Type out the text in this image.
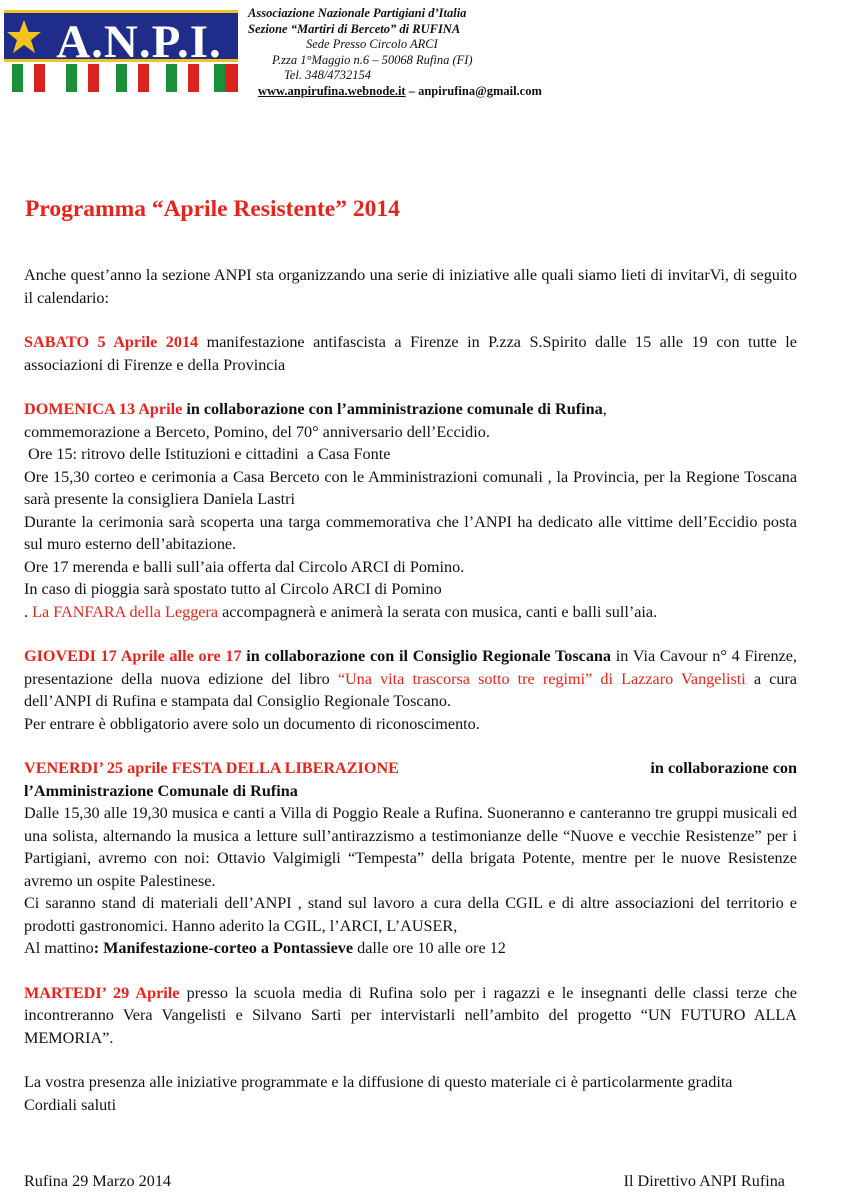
A.N.P.I.
Associazione Nazionale Partigiani d’Italia
Sezione “Martiri di Berceto” di RUFINA
Sede Presso Circolo ARCI
P.zza 1°Maggio n.6 – 50068 Rufina (FI)
Tel. 348/4732154
www.anpirufina.webnode.it – anpirufina@gmail.com
Programma “Aprile Resistente” 2014

Anche quest’anno la sezione ANPI sta organizzando una serie di iniziative alle quali siamo lieti di invitarVi, di seguito il calendario:

SABATO 5 Aprile 2014 manifestazione antifascista a Firenze in P.zza S.Spirito dalle 15 alle 19 con tutte le associazioni di Firenze e della Provincia

DOMENICA 13 Aprile in collaborazione con l’amministrazione comunale di Rufina,
commemorazione a Berceto, Pomino, del 70° anniversario dell’Eccidio.
Ore 15: ritrovo delle Istituzioni e cittadini  a Casa Fonte

Ore 15,30 corteo e cerimonia a Casa Berceto con le Amministrazioni comunali , la Provincia, per la Regione Toscana sarà presente la consigliera Daniela Lastri

Durante la cerimonia sarà scoperta una targa commemorativa che l’ANPI ha dedicato alle vittime dell’Eccidio posta sul muro esterno dell’abitazione.

Ore 17 merenda e balli sull’aia offerta dal Circolo ARCI di Pomino.
In caso di pioggia sarà spostato tutto al Circolo ARCI di Pomino
. La FANFARA della Leggera accompagnerà e animerà la serata con musica, canti e balli sull’aia.

GIOVEDI 17 Aprile alle ore 17 in collaborazione con il Consiglio Regionale Toscana in Via Cavour n° 4 Firenze, presentazione della nuova edizione del libro “Una vita trascorsa sotto tre regimi” di Lazzaro Vangelisti a cura dell’ANPI di Rufina e stampata dal Consiglio Regionale Toscano.

Per entrare è obbligatorio avere solo un documento di riconoscimento.
VENERDI’ 25 aprile FESTA DELLA LIBERAZIONE	in collaborazione con
l’Amministrazione Comunale di Rufina

Dalle 15,30 alle 19,30 musica e canti a Villa di Poggio Reale a Rufina. Suoneranno e canteranno tre gruppi musicali ed una solista, alternando la musica a letture sull’antirazzismo a testimonianze delle “Nuove e vecchie Resistenze” per i Partigiani, avremo con noi: Ottavio Valgimigli “Tempesta” della brigata Potente, mentre per le nuove Resistenze avremo un ospite Palestinese.

Ci saranno stand di materiali dell’ANPI , stand sul lavoro a cura della CGIL e di altre associazioni del territorio e prodotti gastronomici. Hanno aderito la CGIL, l’ARCI, L’AUSER,

Al mattino: Manifestazione-corteo a Pontassieve dalle ore 10 alle ore 12

MARTEDI’ 29 Aprile presso la scuola media di Rufina solo per i ragazzi e le insegnanti delle classi terze che incontreranno Vera Vangelisti e Silvano Sarti per intervistarli nell’ambito del progetto “UN FUTURO ALLA MEMORIA”.

La vostra presenza alle iniziative programmate e la diffusione di questo materiale ci è particolarmente gradita

Cordiali saluti
Rufina 29 Marzo 2014	Il Direttivo ANPI Rufina
